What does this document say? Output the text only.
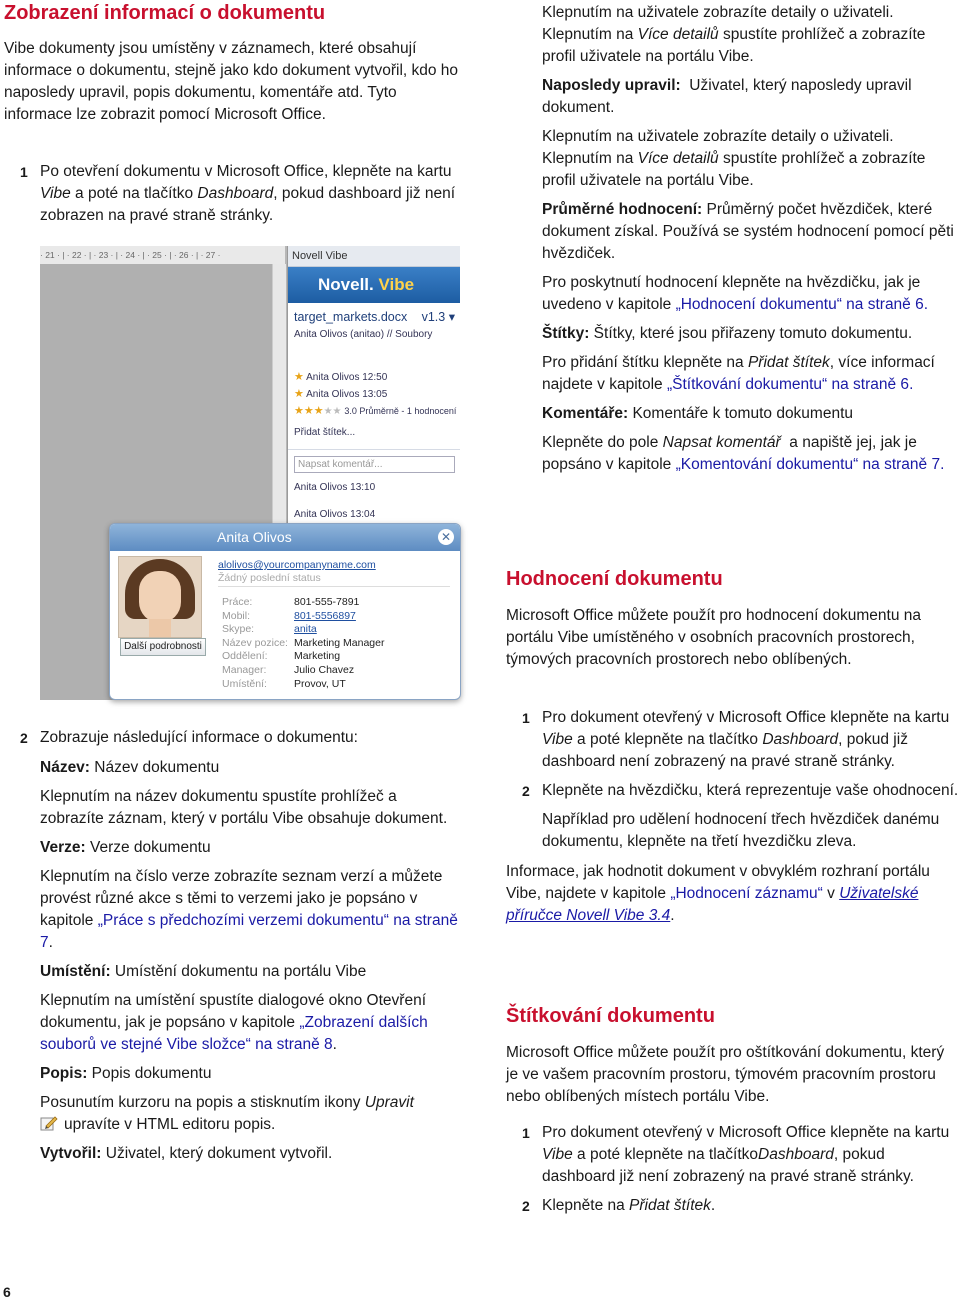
Zobrazení informací o dokumentu

Vibe dokumenty jsou umístěny v záznamech, které obsahují informace o dokumentu, stejně jako kdo dokument vytvořil, kdo ho naposledy upravil, popis dokumentu, komentáře atd. Tyto informace lze zobrazit pomocí Microsoft Office.

1 Po otevření dokumentu v Microsoft Office, klepněte na kartu Vibe a poté na tlačítko Dashboard, pokud dashboard již není zobrazen na pravé straně stránky.
· 21 · | · 22 · | · 23 · | · 24 · | · 25 · | · 26 · | · 27 ·	Novell Vibe
Novell. Vibe
target_markets.docx v1.3 ▾
Anita Olivos (anitao) // Soubory
★ Anita Olivos 12:50
★ Anita Olivos 13:05
★★★★★ 3.0 Průměrně - 1 hodnocení
Přidat štítek...
Napsat komentář...
Anita Olivos 13:10
Anita Olivos 13:04
Anita Olivos	✕
Další podrobnosti
alolivos@yourcompanyname.com
Žádný poslední status
Práce:	801-555-7891
Mobil:	801-5556897
Skype:	anita
Název pozice: Marketing Manager
Oddělení:	Marketing
Manager:	Julio Chavez
Umístění:	Provov, UT
2 Zobrazuje následující informace o dokumentu:

Název: Název dokumentu

Klepnutím na název dokumentu spustíte prohlížeč a zobrazíte záznam, který v portálu Vibe obsahuje dokument.

Verze: Verze dokumentu

Klepnutím na číslo verze zobrazíte seznam verzí a můžete provést různé akce s těmi to verzemi jako je popsáno v kapitole „Práce s předchozími verzemi dokumentu“ na straně 7.

Umístění: Umístění dokumentu na portálu Vibe

Klepnutím na umístění spustíte dialogové okno Otevření dokumentu, jak je popsáno v kapitole „Zobrazení dalších souborů ve stejné Vibe složce“ na straně 8.

Popis: Popis dokumentu

Posunutím kurzoru na popis a stisknutím ikony Upravit
upravíte v HTML editoru popis.

Vytvořil: Uživatel, který dokument vytvořil.

6

Klepnutím na uživatele zobrazíte detaily o uživateli. Klepnutím na Více detailů spustíte prohlížeč a zobrazíte profil uživatele na portálu Vibe.

Naposledy upravil:  Uživatel, který naposledy upravil dokument.

Klepnutím na uživatele zobrazíte detaily o uživateli. Klepnutím na Více detailů spustíte prohlížeč a zobrazíte profil uživatele na portálu Vibe.

Průměrné hodnocení: Průměrný počet hvězdiček, které dokument získal. Používá se systém hodnocení pomocí pěti hvězdiček.

Pro poskytnutí hodnocení klepněte na hvězdičku, jak je uvedeno v kapitole „Hodnocení dokumentu“ na straně 6.

Štítky: Štítky, které jsou přiřazeny tomuto dokumentu.

Pro přidání štítku klepněte na Přidat štítek, více informací najdete v kapitole „Štítkování dokumentu“ na straně 6.

Komentáře: Komentáře k tomuto dokumentu

Klepněte do pole Napsat komentář  a napiště jej, jak je popsáno v kapitole „Komentování dokumentu“ na straně 7.

Hodnocení dokumentu

Microsoft Office můžete použít pro hodnocení dokumentu na portálu Vibe umístěného v osobních pracovních prostorech, týmových pracovních prostorech nebo oblíbených.

1 Pro dokument otevřený v Microsoft Office klepněte na kartu Vibe a poté klepněte na tlačítko Dashboard, pokud již dashboard není zobrazený na pravé straně stránky.
2 Klepněte na hvězdičku, která reprezentuje vaše ohodnocení.

Například pro udělení hodnocení třech hvězdiček danému dokumentu, klepněte na třetí hvezdičku zleva.

Informace, jak hodnotit dokument v obvyklém rozhraní portálu Vibe, najdete v kapitole „Hodnocení záznamu“ v Uživatelské příručce Novell Vibe 3.4.

Štítkování dokumentu

Microsoft Office můžete použít pro oštítkování dokumentu, který je ve vašem pracovním prostoru, týmovém pracovním prostoru nebo oblíbených místech portálu Vibe.

1 Pro dokument otevřený v Microsoft Office klepněte na kartu Vibe a poté klepněte na tlačítkoDashboard, pokud dashboard již není zobrazený na pravé straně stránky.
2 Klepněte na Přidat štítek.
